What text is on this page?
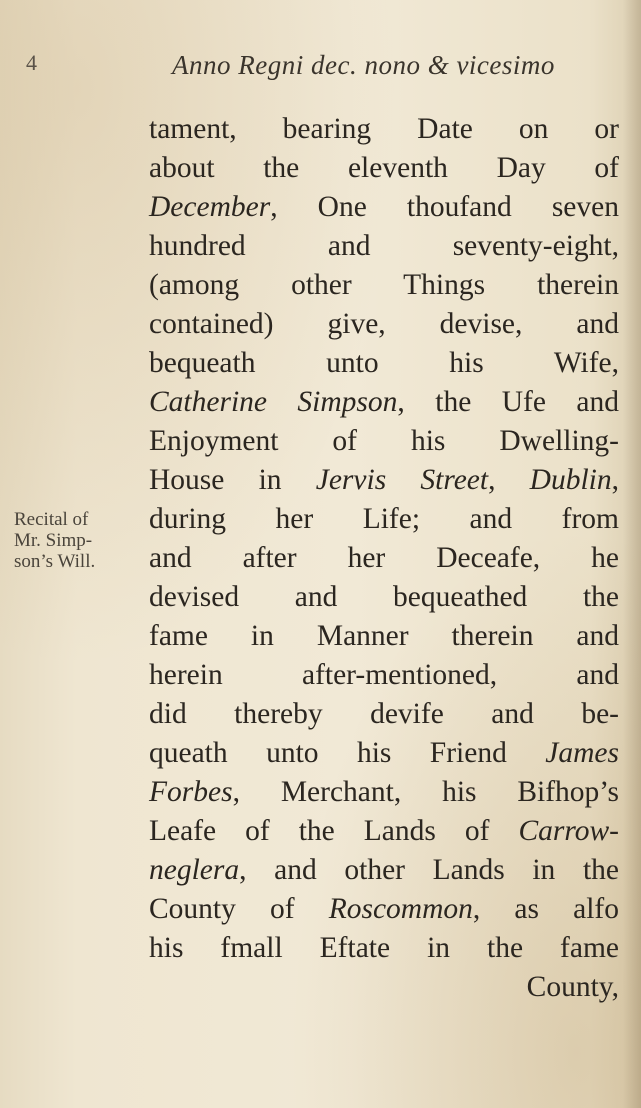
4	Anno Regni dec. nono & vicesimo
Recital of
Mr. Simp-
son’s Will.
tament, bearing Date on or
about the eleventh Day of
December, One thoufand seven
hundred and seventy-eight,
(among other Things therein
contained) give, devise, and
bequeath unto his Wife,
Catherine Simpson, the Ufe and
Enjoyment of his Dwelling-
House in Jervis Street, Dublin,
during her Life; and from
and after her Deceafe, he
devised and bequeathed the
fame in Manner therein and
herein after-mentioned, and
did thereby devife and be-
queath unto his Friend James
Forbes, Merchant, his Bifhop’s
Leafe of the Lands of Carrow-
neglera, and other Lands in the
County of Roscommon, as alfo
his fmall Eftate in the fame
County,
